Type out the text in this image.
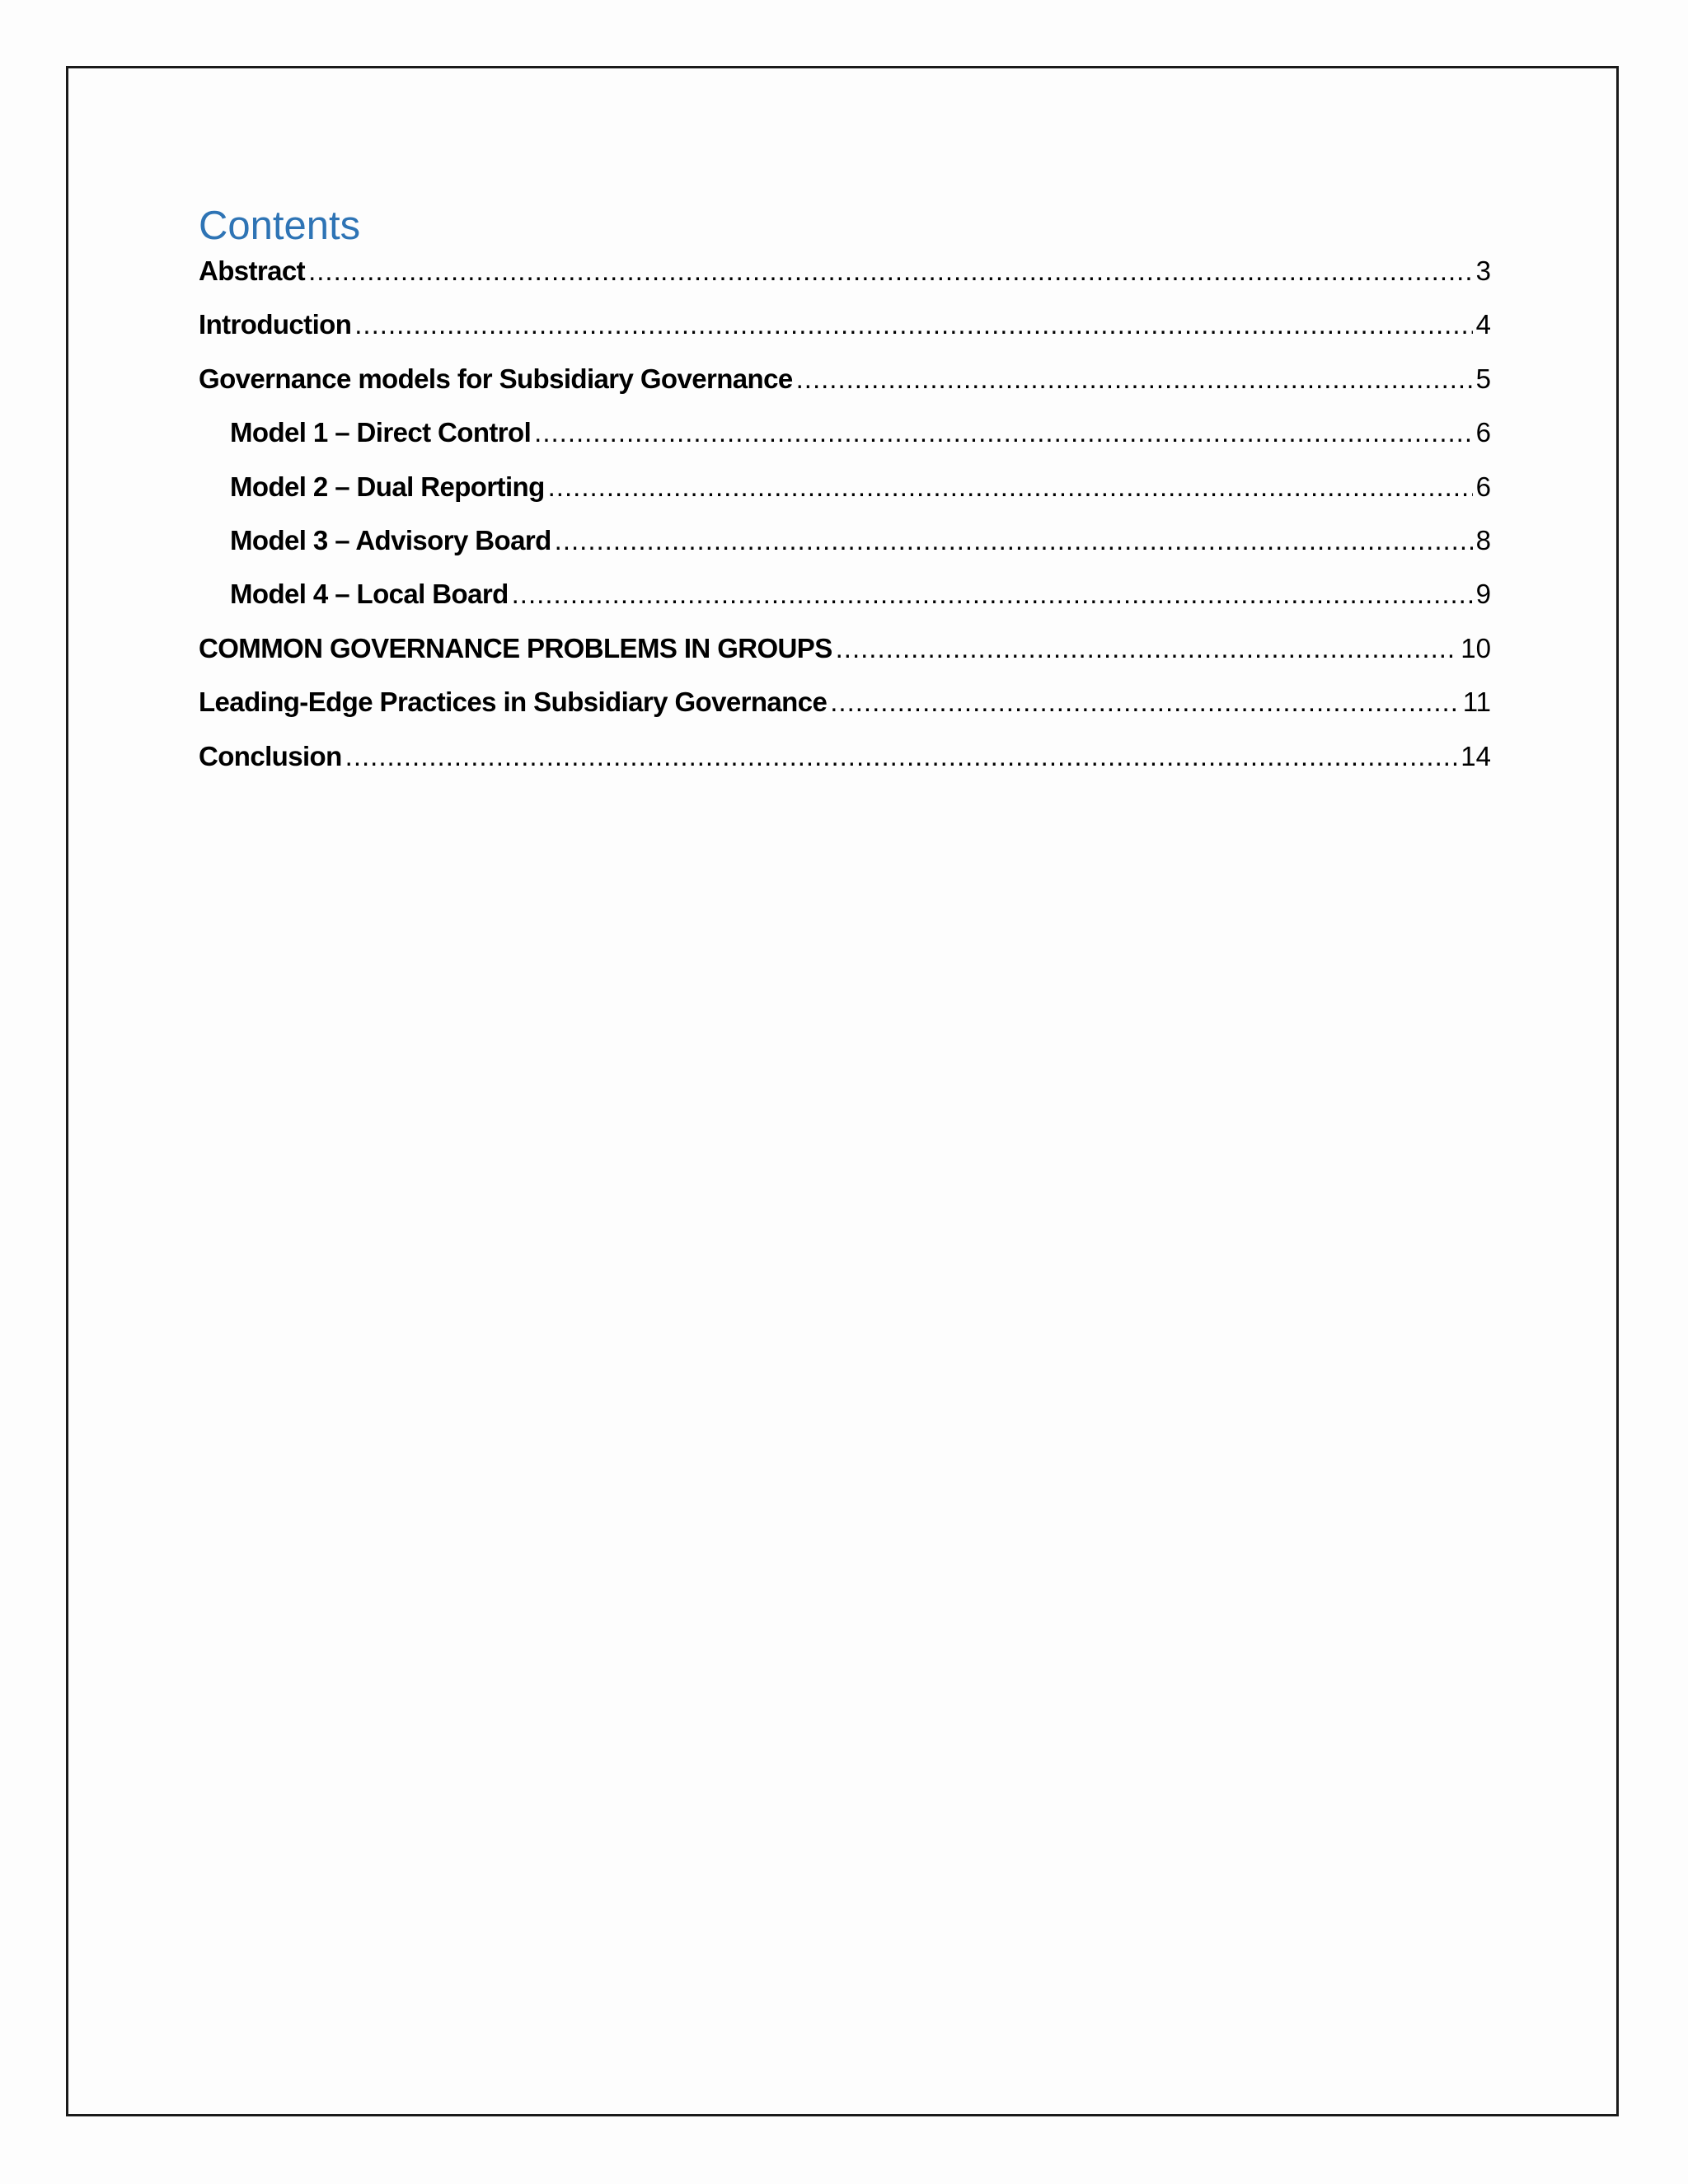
Contents
Abstract .....	3
Introduction .....	4
Governance models for Subsidiary Governance .....	5
Model 1 – Direct Control .....	6
Model 2 – Dual Reporting .....	6
Model 3 – Advisory Board .....	8
Model 4 – Local Board .....	9
COMMON GOVERNANCE PROBLEMS IN GROUPS .....	10
Leading-Edge Practices in Subsidiary Governance .....	11
Conclusion .....	14
